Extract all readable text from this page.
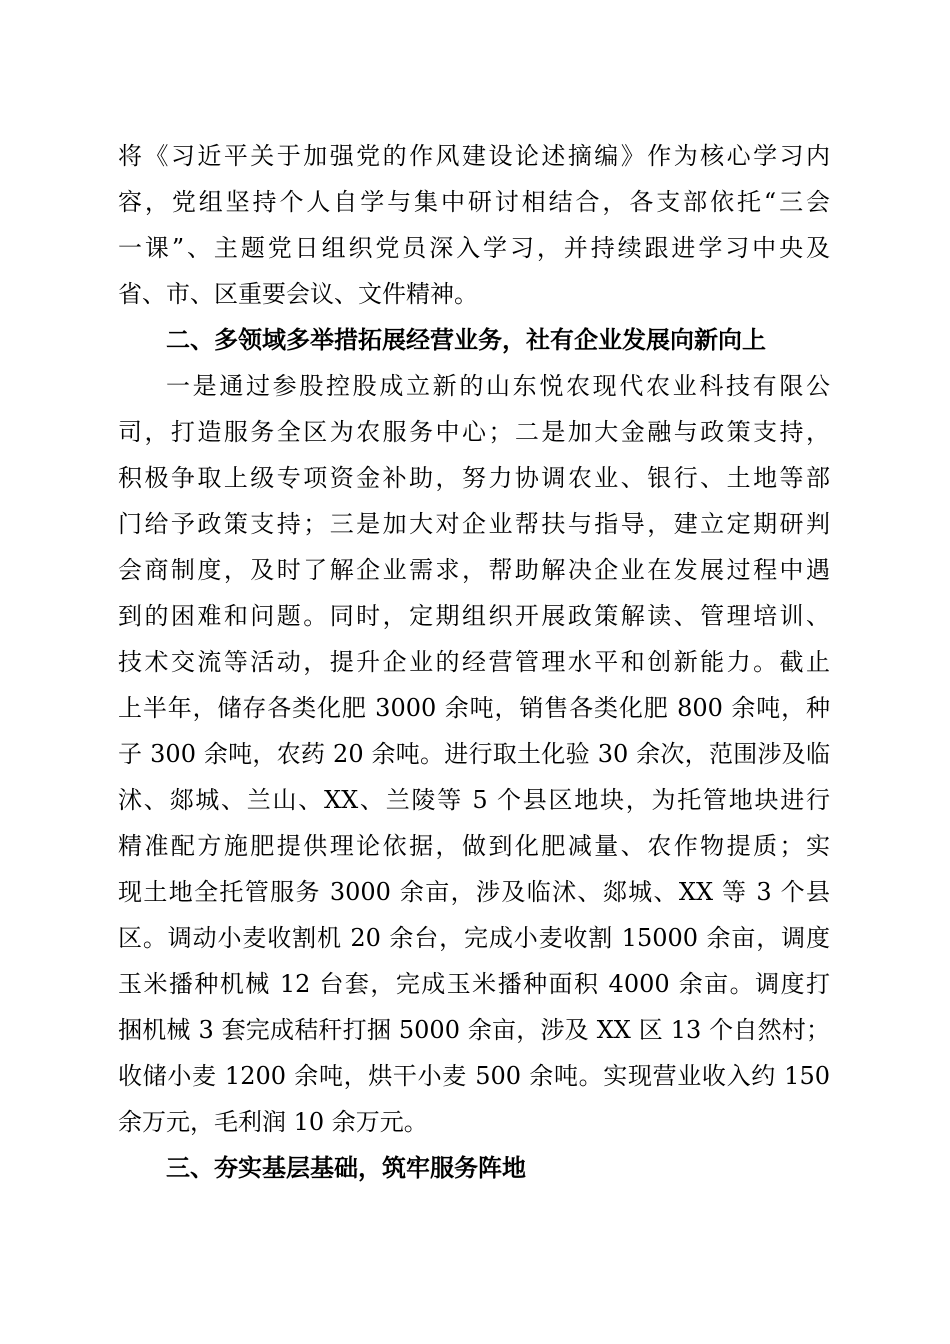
将《习近平关于加强党的作风建设论述摘编》作为核心学习内
容，党组坚持个人自学与集中研讨相结合，各支部依托“三会
一课”、主题党日组织党员深入学习，并持续跟进学习中央及
省、市、区重要会议、文件精神。
二、多领域多举措拓展经营业务，社有企业发展向新向上
一是通过参股控股成立新的山东悦农现代农业科技有限公
司，打造服务全区为农服务中心；二是加大金融与政策支持，
积极争取上级专项资金补助，努力协调农业、银行、土地等部
门给予政策支持；三是加大对企业帮扶与指导，建立定期研判
会商制度，及时了解企业需求，帮助解决企业在发展过程中遇
到的困难和问题。同时，定期组织开展政策解读、管理培训、
技术交流等活动，提升企业的经营管理水平和创新能力。截止
上半年，储存各类化肥 3000 余吨，销售各类化肥 800 余吨，种
子 300 余吨，农药 20 余吨。进行取土化验 30 余次，范围涉及临
沭、郯城、兰山、XX、兰陵等 5 个县区地块，为托管地块进行
精准配方施肥提供理论依据，做到化肥减量、农作物提质；实
现土地全托管服务 3000 余亩，涉及临沭、郯城、XX 等 3 个县
区。调动小麦收割机 20 余台，完成小麦收割 15000 余亩，调度
玉米播种机械 12 台套，完成玉米播种面积 4000 余亩。调度打
捆机械 3 套完成秸秆打捆 5000 余亩，涉及 XX 区 13 个自然村；
收储小麦 1200 余吨，烘干小麦 500 余吨。实现营业收入约 150
余万元，毛利润 10 余万元。
三、夯实基层基础，筑牢服务阵地
